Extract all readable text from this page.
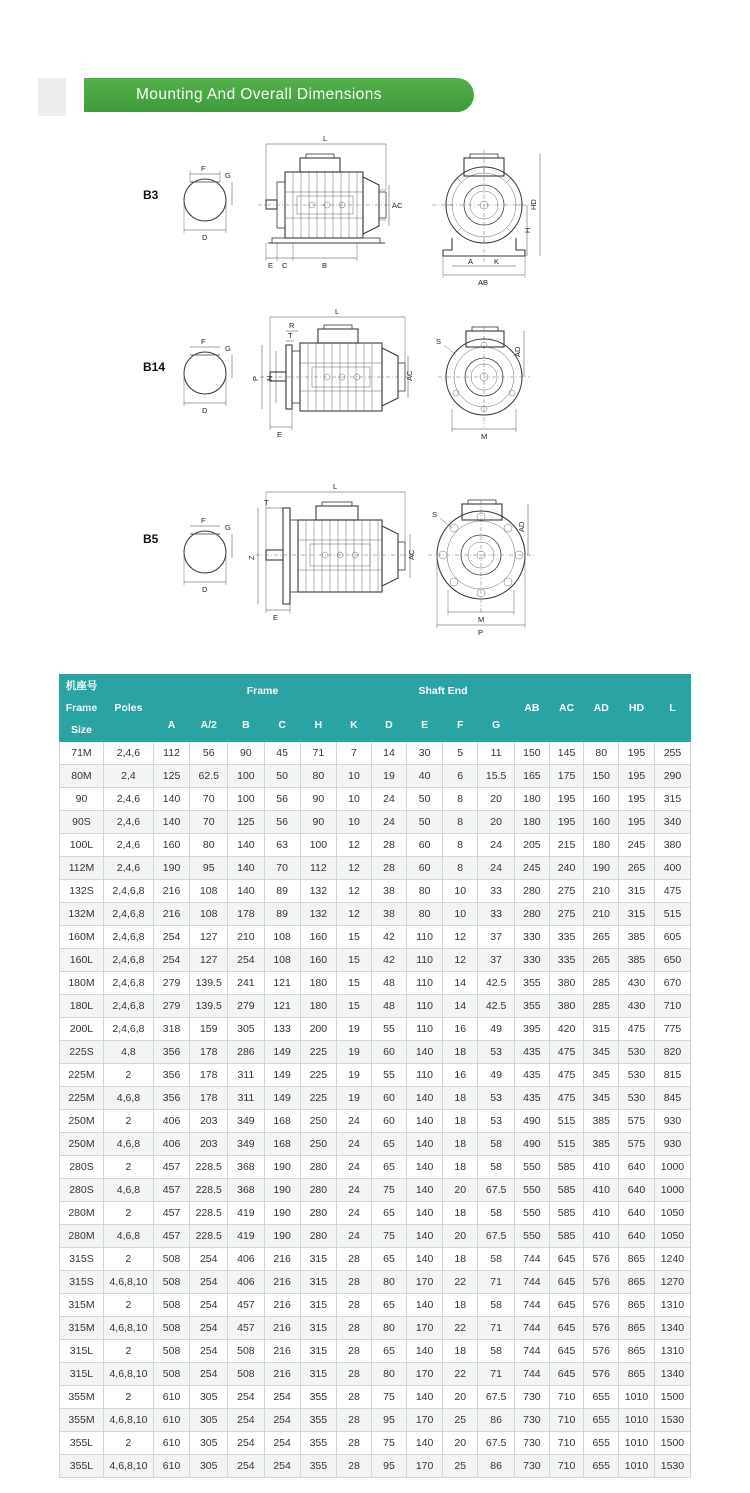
Mounting And Overall Dimensions
B3
F
G
D
L
E C	B
AC
A	K
AB
HD
H
B14
F
G
D
L
R
T
P N
E
AC
S
M
AD
B5
F
G
D
L
T
Z
E
AC
S
M
P
AD
机座号
Frame
Size	Poles	Frame						Shaft End				AB	AC	AD	HD	L
		A	A/2	B	C	H	K	D	E	F	G					
71M	2,4,6	112	56	90	45	71	7	14	30	5	11	150	145	80	195	255
80M	2,4	125	62.5	100	50	80	10	19	40	6	15.5	165	175	150	195	290
90	2,4,6	140	70	100	56	90	10	24	50	8	20	180	195	160	195	315
90S	2,4,6	140	70	125	56	90	10	24	50	8	20	180	195	160	195	340
100L	2,4,6	160	80	140	63	100	12	28	60	8	24	205	215	180	245	380
112M	2,4,6	190	95	140	70	112	12	28	60	8	24	245	240	190	265	400
132S	2,4,6,8	216	108	140	89	132	12	38	80	10	33	280	275	210	315	475
132M	2,4,6,8	216	108	178	89	132	12	38	80	10	33	280	275	210	315	515
160M	2,4,6,8	254	127	210	108	160	15	42	110	12	37	330	335	265	385	605
160L	2,4,6,8	254	127	254	108	160	15	42	110	12	37	330	335	265	385	650
180M	2,4,6,8	279	139.5	241	121	180	15	48	110	14	42.5	355	380	285	430	670
180L	2,4,6,8	279	139.5	279	121	180	15	48	110	14	42.5	355	380	285	430	710
200L	2,4,6,8	318	159	305	133	200	19	55	110	16	49	395	420	315	475	775
225S	4,8	356	178	286	149	225	19	60	140	18	53	435	475	345	530	820
225M	2	356	178	311	149	225	19	55	110	16	49	435	475	345	530	815
225M	4,6,8	356	178	311	149	225	19	60	140	18	53	435	475	345	530	845
250M	2	406	203	349	168	250	24	60	140	18	53	490	515	385	575	930
250M	4,6,8	406	203	349	168	250	24	65	140	18	58	490	515	385	575	930
280S	2	457	228.5	368	190	280	24	65	140	18	58	550	585	410	640	1000
280S	4,6,8	457	228.5	368	190	280	24	75	140	20	67.5	550	585	410	640	1000
280M	2	457	228.5	419	190	280	24	65	140	18	58	550	585	410	640	1050
280M	4,6,8	457	228.5	419	190	280	24	75	140	20	67.5	550	585	410	640	1050
315S	2	508	254	406	216	315	28	65	140	18	58	744	645	576	865	1240
315S	4,6,8,10	508	254	406	216	315	28	80	170	22	71	744	645	576	865	1270
315M	2	508	254	457	216	315	28	65	140	18	58	744	645	576	865	1310
315M	4,6,8,10	508	254	457	216	315	28	80	170	22	71	744	645	576	865	1340
315L	2	508	254	508	216	315	28	65	140	18	58	744	645	576	865	1310
315L	4,6,8,10	508	254	508	216	315	28	80	170	22	71	744	645	576	865	1340
355M	2	610	305	254	254	355	28	75	140	20	67.5	730	710	655	1010	1500
355M	4,6,8,10	610	305	254	254	355	28	95	170	25	86	730	710	655	1010	1530
355L	2	610	305	254	254	355	28	75	140	20	67.5	730	710	655	1010	1500
355L	4,6,8,10	610	305	254	254	355	28	95	170	25	86	730	710	655	1010	1530
